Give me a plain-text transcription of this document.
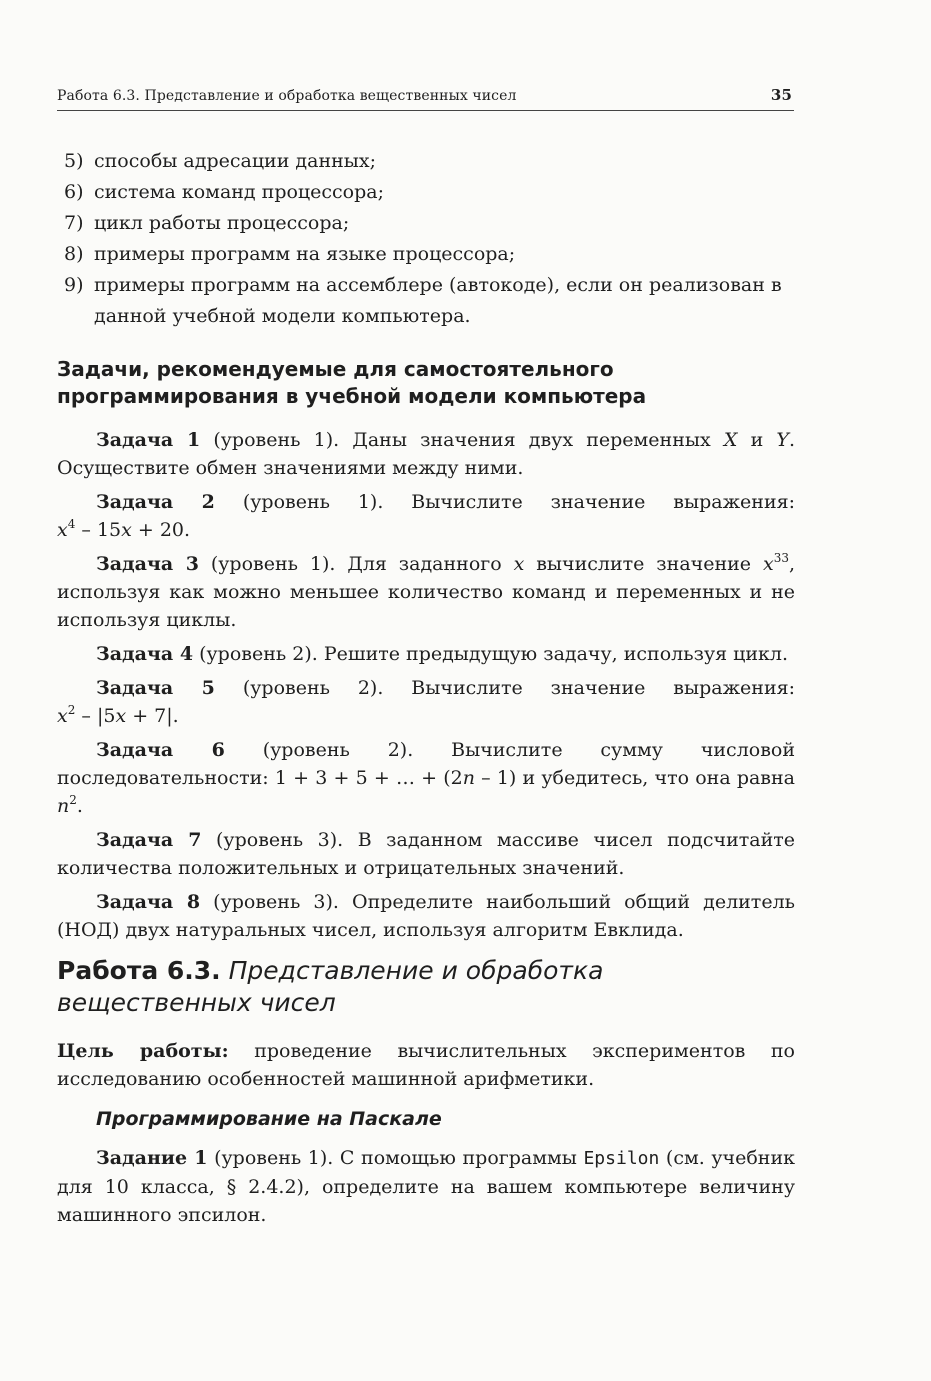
Работа 6.3. Представление и обработка вещественных чисел	35
5) способы адресации данных;
6) система команд процессора;
7) цикл работы процессора;
8) примеры программ на языке процессора;
9) примеры программ на ассемблере (автокоде), если он реализован в данной учебной модели компьютера.
Задачи, рекомендуемые для самостоятельного
программирования в учебной модели компьютера

Задача 1 (уровень 1). Даны значения двух переменных X и Y. Осуществите обмен значениями между ними.

Задача 2 (уровень 1). Вычислите значение выражения:

$x^4 - 15x + 20$.

Задача 3 (уровень 1). Для заданного x вычислите значение $x^{33}$, используя как можно меньшее количество команд и переменных и не используя циклы.

Задача 4 (уровень 2). Решите предыдущую задачу, используя цикл.

Задача 5 (уровень 2). Вычислите значение выражения:

$x^2 - |5x + 7|$.

Задача 6 (уровень 2). Вычислите сумму числовой последовательности: 1 + 3 + 5 + … + (2n – 1) и убедитесь, что она равна $n^2$.

Задача 7 (уровень 3). В заданном массиве чисел подсчитайте количества положительных и отрицательных значений.

Задача 8 (уровень 3). Определите наибольший общий делитель (НОД) двух натуральных чисел, используя алгоритм Евклида.

Работа 6.3. Представление и обработка
вещественных чисел
Цель работы: проведение вычислительных экспериментов по исследованию особенностей машинной арифметики.
Программирование на Паскале

Задание 1 (уровень 1). С помощью программы Epsilon (см. учебник для 10 класса, § 2.4.2), определите на вашем компьютере величину машинного эпсилон.
